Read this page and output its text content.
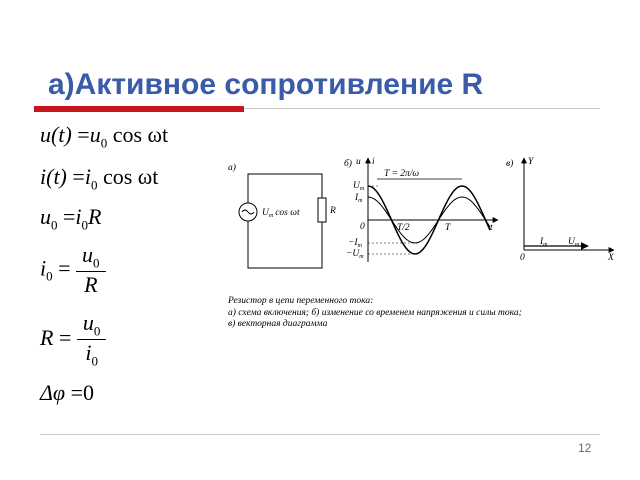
а)Активное сопротивление R
$u(t) =u_0$ cos ωt
$i(t) =i_0$ cos ωt
$u_0 =i_0R$
$i_0 = \frac{u_0}{R}$
$R = \frac{u_0}{i_0}$
Δφ =0
а)
$U_m$ cos ωt	R
б) u i
T = 2π/ω
$U_m$
$I_m$
0	T/2	T	t
$-I_m$
$-U_m$
в) Y
X
0
$I_m$ $U_m$
Резистор в цепи переменного тока:
а) схема включения; б) изменение со временем напряжения и силы тока;
в) векторная диаграмма
12
